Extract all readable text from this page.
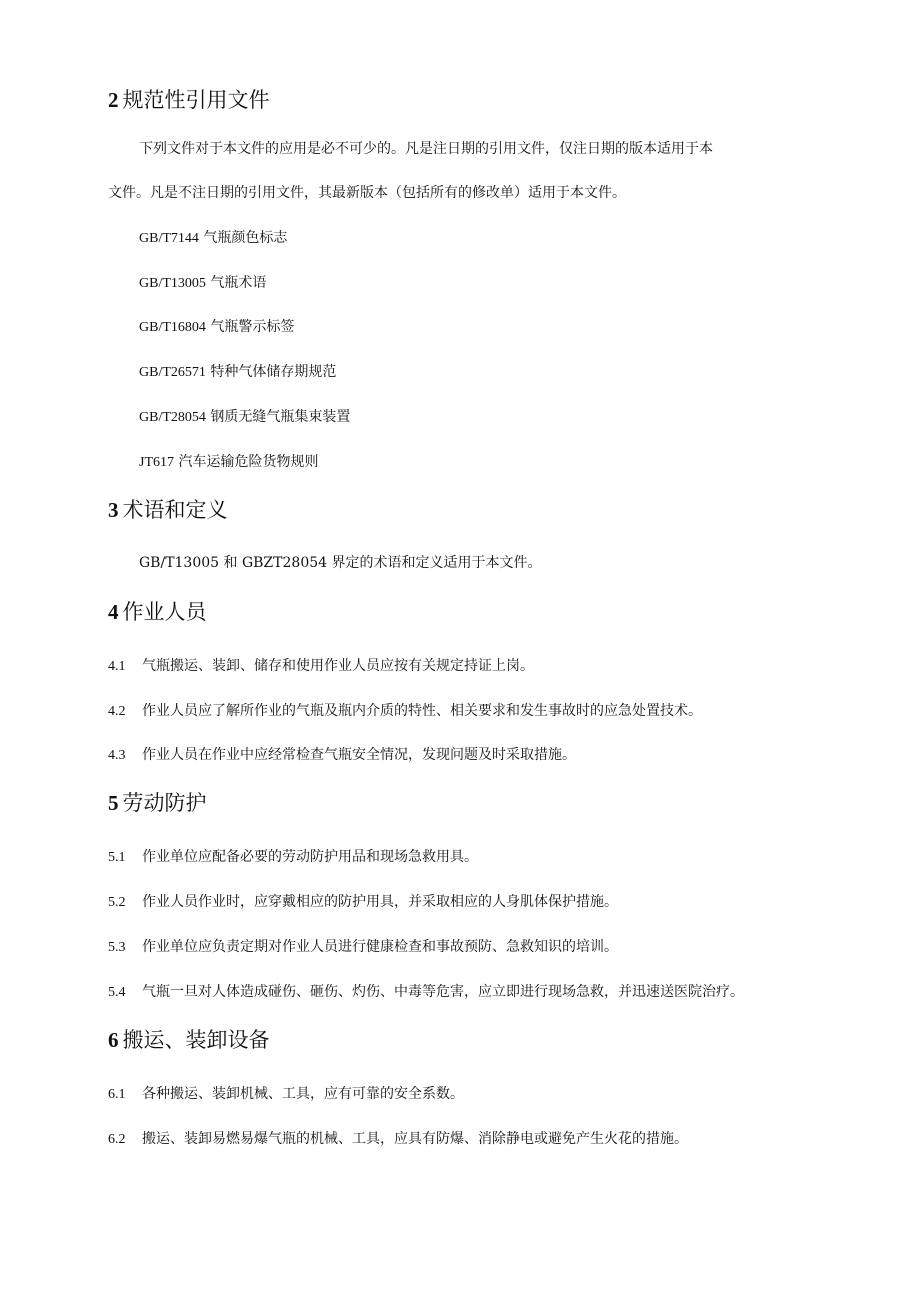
2 规范性引用文件
下列文件对于本文件的应用是必不可少的。凡是注日期的引用文件，仅注日期的版本适用于本
文件。凡是不注日期的引用文件，其最新版本（包括所有的修改单）适用于本文件。
GB/T7144 气瓶颜色标志
GB/T13005 气瓶术语
GB/T16804 气瓶警示标签
GB/T26571 特种气体储存期规范
GB/T28054 钢质无缝气瓶集束装置
JT617 汽车运输危险货物规则
3 术语和定义
GB/T13005 和 GBZT28054 界定的术语和定义适用于本文件。
4 作业人员
4.1 气瓶搬运、装卸、储存和使用作业人员应按有关规定持证上岗。
4.2 作业人员应了解所作业的气瓶及瓶内介质的特性、相关要求和发生事故时的应急处置技术。
4.3 作业人员在作业中应经常检查气瓶安全情况，发现问题及时采取措施。
5 劳动防护
5.1 作业单位应配备必要的劳动防护用品和现场急救用具。
5.2 作业人员作业时，应穿戴相应的防护用具，并采取相应的人身肌体保护措施。
5.3 作业单位应负责定期对作业人员进行健康检查和事故预防、急救知识的培训。
5.4 气瓶一旦对人体造成碰伤、砸伤、灼伤、中毒等危害，应立即进行现场急救，并迅速送医院治疗。
6 搬运、装卸设备
6.1 各种搬运、装卸机械、工具，应有可靠的安全系数。
6.2 搬运、装卸易燃易爆气瓶的机械、工具，应具有防爆、消除静电或避免产生火花的措施。
